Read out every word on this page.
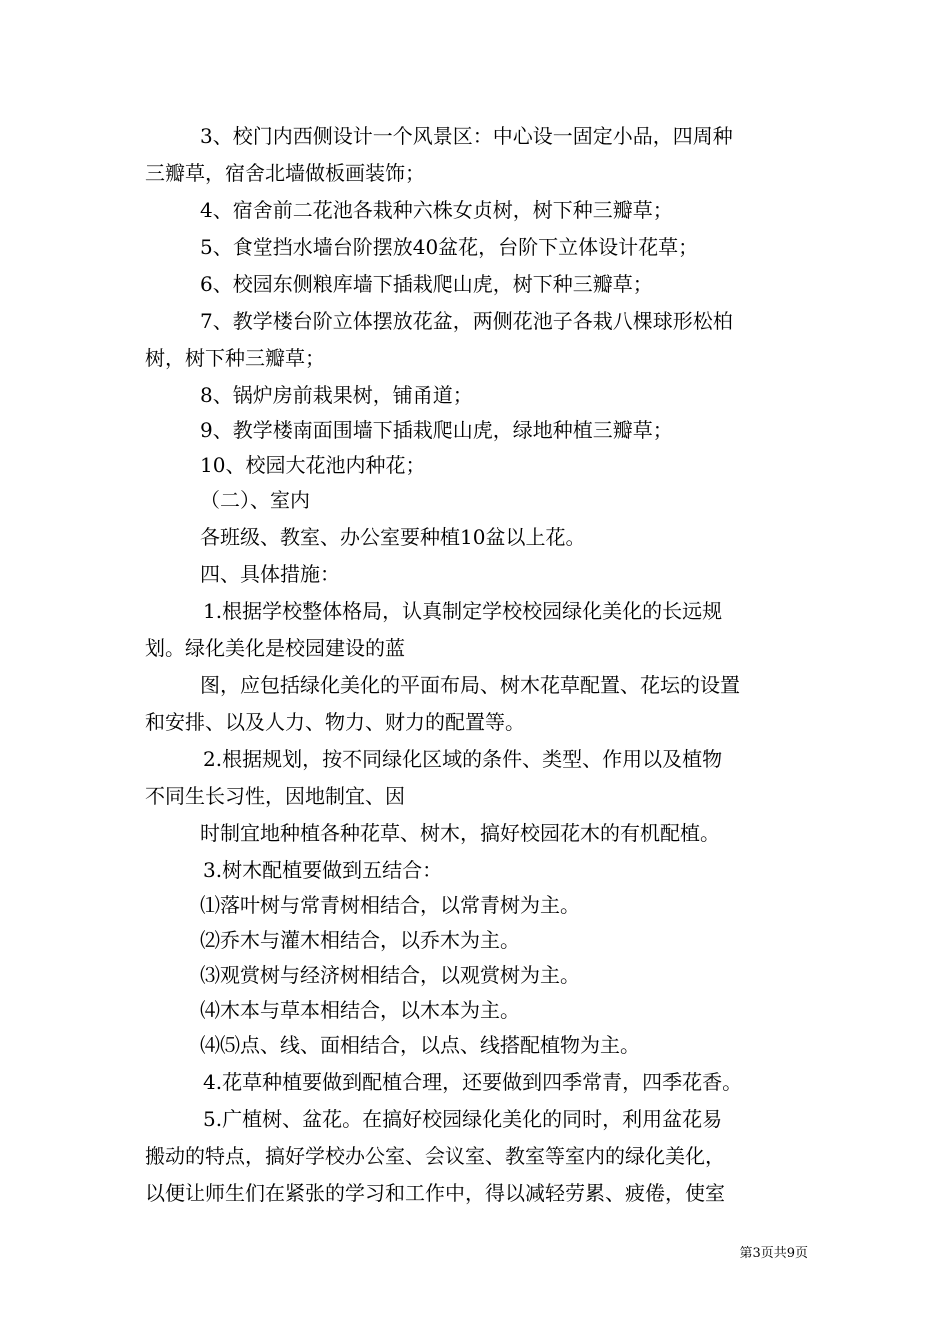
3、校门内西侧设计一个风景区：中心设一固定小品，四周种
三瓣草，宿舍北墙做板画装饰；
4、宿舍前二花池各栽种六株女贞树，树下种三瓣草；
5、食堂挡水墙台阶摆放40盆花，台阶下立体设计花草；
6、校园东侧粮库墙下插栽爬山虎，树下种三瓣草；
7、教学楼台阶立体摆放花盆，两侧花池子各栽八棵球形松柏
树，树下种三瓣草；
8、锅炉房前栽果树，铺甬道；
9、教学楼南面围墙下插栽爬山虎，绿地种植三瓣草；
10、校园大花池内种花；
（二）、室内
各班级、教室、办公室要种植10盆以上花。
四、具体措施：
1.根据学校整体格局，认真制定学校校园绿化美化的长远规
划。绿化美化是校园建设的蓝
图，应包括绿化美化的平面布局、树木花草配置、花坛的设置
和安排、以及人力、物力、财力的配置等。
2.根据规划，按不同绿化区域的条件、类型、作用以及植物
不同生长习性，因地制宜、因
时制宜地种植各种花草、树木，搞好校园花木的有机配植。
3.树木配植要做到五结合：
⑴落叶树与常青树相结合，以常青树为主。
⑵乔木与灌木相结合，以乔木为主。
⑶观赏树与经济树相结合，以观赏树为主。
⑷木本与草本相结合，以木本为主。
⑷⑸点、线、面相结合，以点、线搭配植物为主。
4.花草种植要做到配植合理，还要做到四季常青，四季花香。
5.广植树、盆花。在搞好校园绿化美化的同时，利用盆花易
搬动的特点，搞好学校办公室、会议室、教室等室内的绿化美化，
以便让师生们在紧张的学习和工作中，得以减轻劳累、疲倦，使室
第3页共9页
